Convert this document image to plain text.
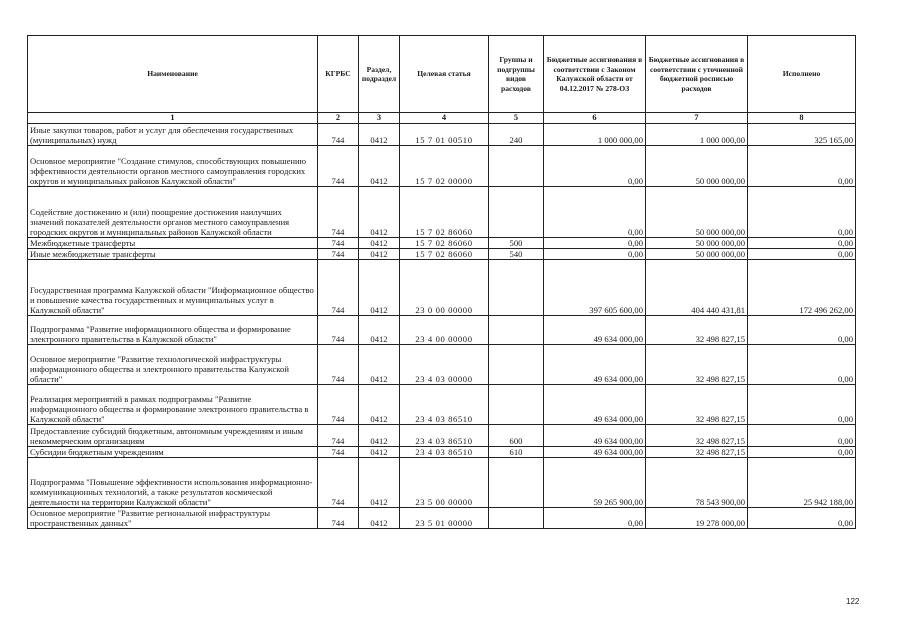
Наименование	КГРБС	Раздел, подраздел	Целевая статья	Группы и подгруппы видов расходов	Бюджетные ассигнования в соответствии с Законом Калужской области от 04.12.2017 № 278-ОЗ	Бюджетные ассигнования в соответствии с уточненной бюджетной росписью расходов	Исполнено
1	2	3	4	5	6	7	8
Иные закупки товаров, работ и услуг для обеспечения государственных (муниципальных) нужд	744	0412	15 7 01 00510	240	1 000 000,00	1 000 000,00	325 165,00
Основное мероприятие "Создание стимулов, способствующих повышению эффективности деятельности органов местного самоуправления городских округов и муниципальных районов Калужской области"	744	0412	15 7 02 00000		0,00	50 000 000,00	0,00
Содействие достижению и (или) поощрение достижения наилучших значений показателей деятельности органов местного самоуправления городских округов и муниципальных районов Калужской области	744	0412	15 7 02 86060		0,00	50 000 000,00	0,00
Межбюджетные трансферты	744	0412	15 7 02 86060	500	0,00	50 000 000,00	0,00
Иные межбюджетные трансферты	744	0412	15 7 02 86060	540	0,00	50 000 000,00	0,00
Государственная программа Калужской области "Информационное общество и повышение качества государственных и муниципальных услуг в Калужской области"	744	0412	23 0 00 00000		397 605 600,00	404 440 431,81	172 496 262,00
Подпрограмма "Развитие информационного общества и формирование электронного правительства в Калужской области"	744	0412	23 4 00 00000		49 634 000,00	32 498 827,15	0,00
Основное мероприятие "Развитие технологической инфраструктуры информационного общества и электронного правительства Калужской области"	744	0412	23 4 03 00000		49 634 000,00	32 498 827,15	0,00
Реализация мероприятий в рамках подпрограммы "Развитие информационного общества и формирование электронного правительства в Калужской области"	744	0412	23 4 03 86510		49 634 000,00	32 498 827,15	0,00
Предоставление субсидий бюджетным, автономным учреждениям и иным некоммерческим организациям	744	0412	23 4 03 86510	600	49 634 000,00	32 498 827,15	0,00
Субсидии бюджетным учреждениям	744	0412	23 4 03 86510	610	49 634 000,00	32 498 827,15	0,00
Подпрограмма "Повышение эффективности использования информационно-коммуникационных технологий, а также результатов космической деятельности на территории Калужской области"	744	0412	23 5 00 00000		59 265 900,00	78 543 900,00	25 942 188,00
Основное мероприятие "Развитие региональной инфраструктуры пространственных данных"	744	0412	23 5 01 00000		0,00	19 278 000,00	0,00
122
